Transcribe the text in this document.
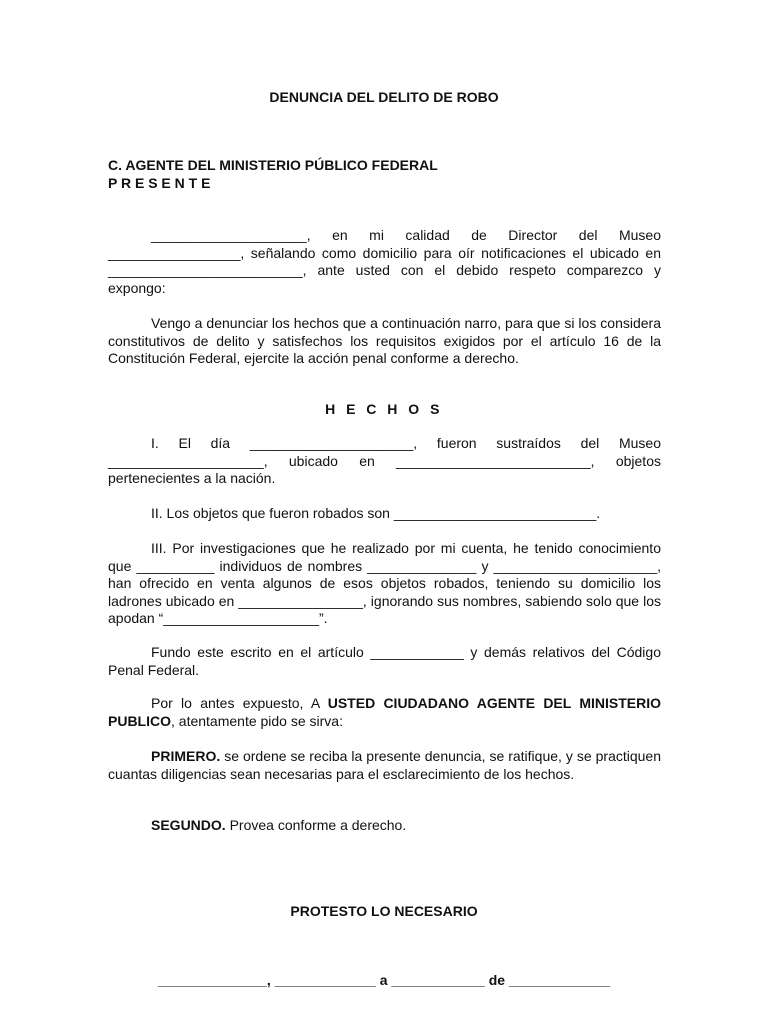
DENUNCIA DEL DELITO DE ROBO
C. AGENTE DEL MINISTERIO PÚBLICO FEDERAL
P R E S E N T E

____________________, en mi calidad de Director del Museo _________________, señalando como domicilio para oír notificaciones el ubicado en _________________________, ante usted con el debido respeto comparezco y expongo:

Vengo a denunciar los hechos que a continuación narro, para que si los considera constitutivos de delito y satisfechos los requisitos exigidos por el artículo 16 de la Constitución Federal, ejercite la acción penal conforme a derecho.

H E C H O S

I. El día _____________________, fueron sustraídos del Museo ____________________, ubicado en _________________________, objetos pertenecientes a la nación.

II. Los objetos que fueron robados son __________________________.

III. Por investigaciones que he realizado por mi cuenta, he tenido conocimiento que __________ individuos de nombres ______________ y _____________________, han ofrecido en venta algunos de esos objetos robados, teniendo su domicilio los ladrones ubicado en ________________, ignorando sus nombres, sabiendo solo que los apodan “____________________”.

Fundo este escrito en el artículo ____________ y demás relativos del Código Penal Federal.

Por lo antes expuesto, A USTED CIUDADANO AGENTE DEL MINISTERIO PUBLICO, atentamente pido se sirva:

PRIMERO. se ordene se reciba la presente denuncia, se ratifique, y se practiquen cuantas diligencias sean necesarias para el esclarecimiento de los hechos.

SEGUNDO. Provea conforme a derecho.

PROTESTO LO NECESARIO
______________, _____________ a ____________ de _____________
